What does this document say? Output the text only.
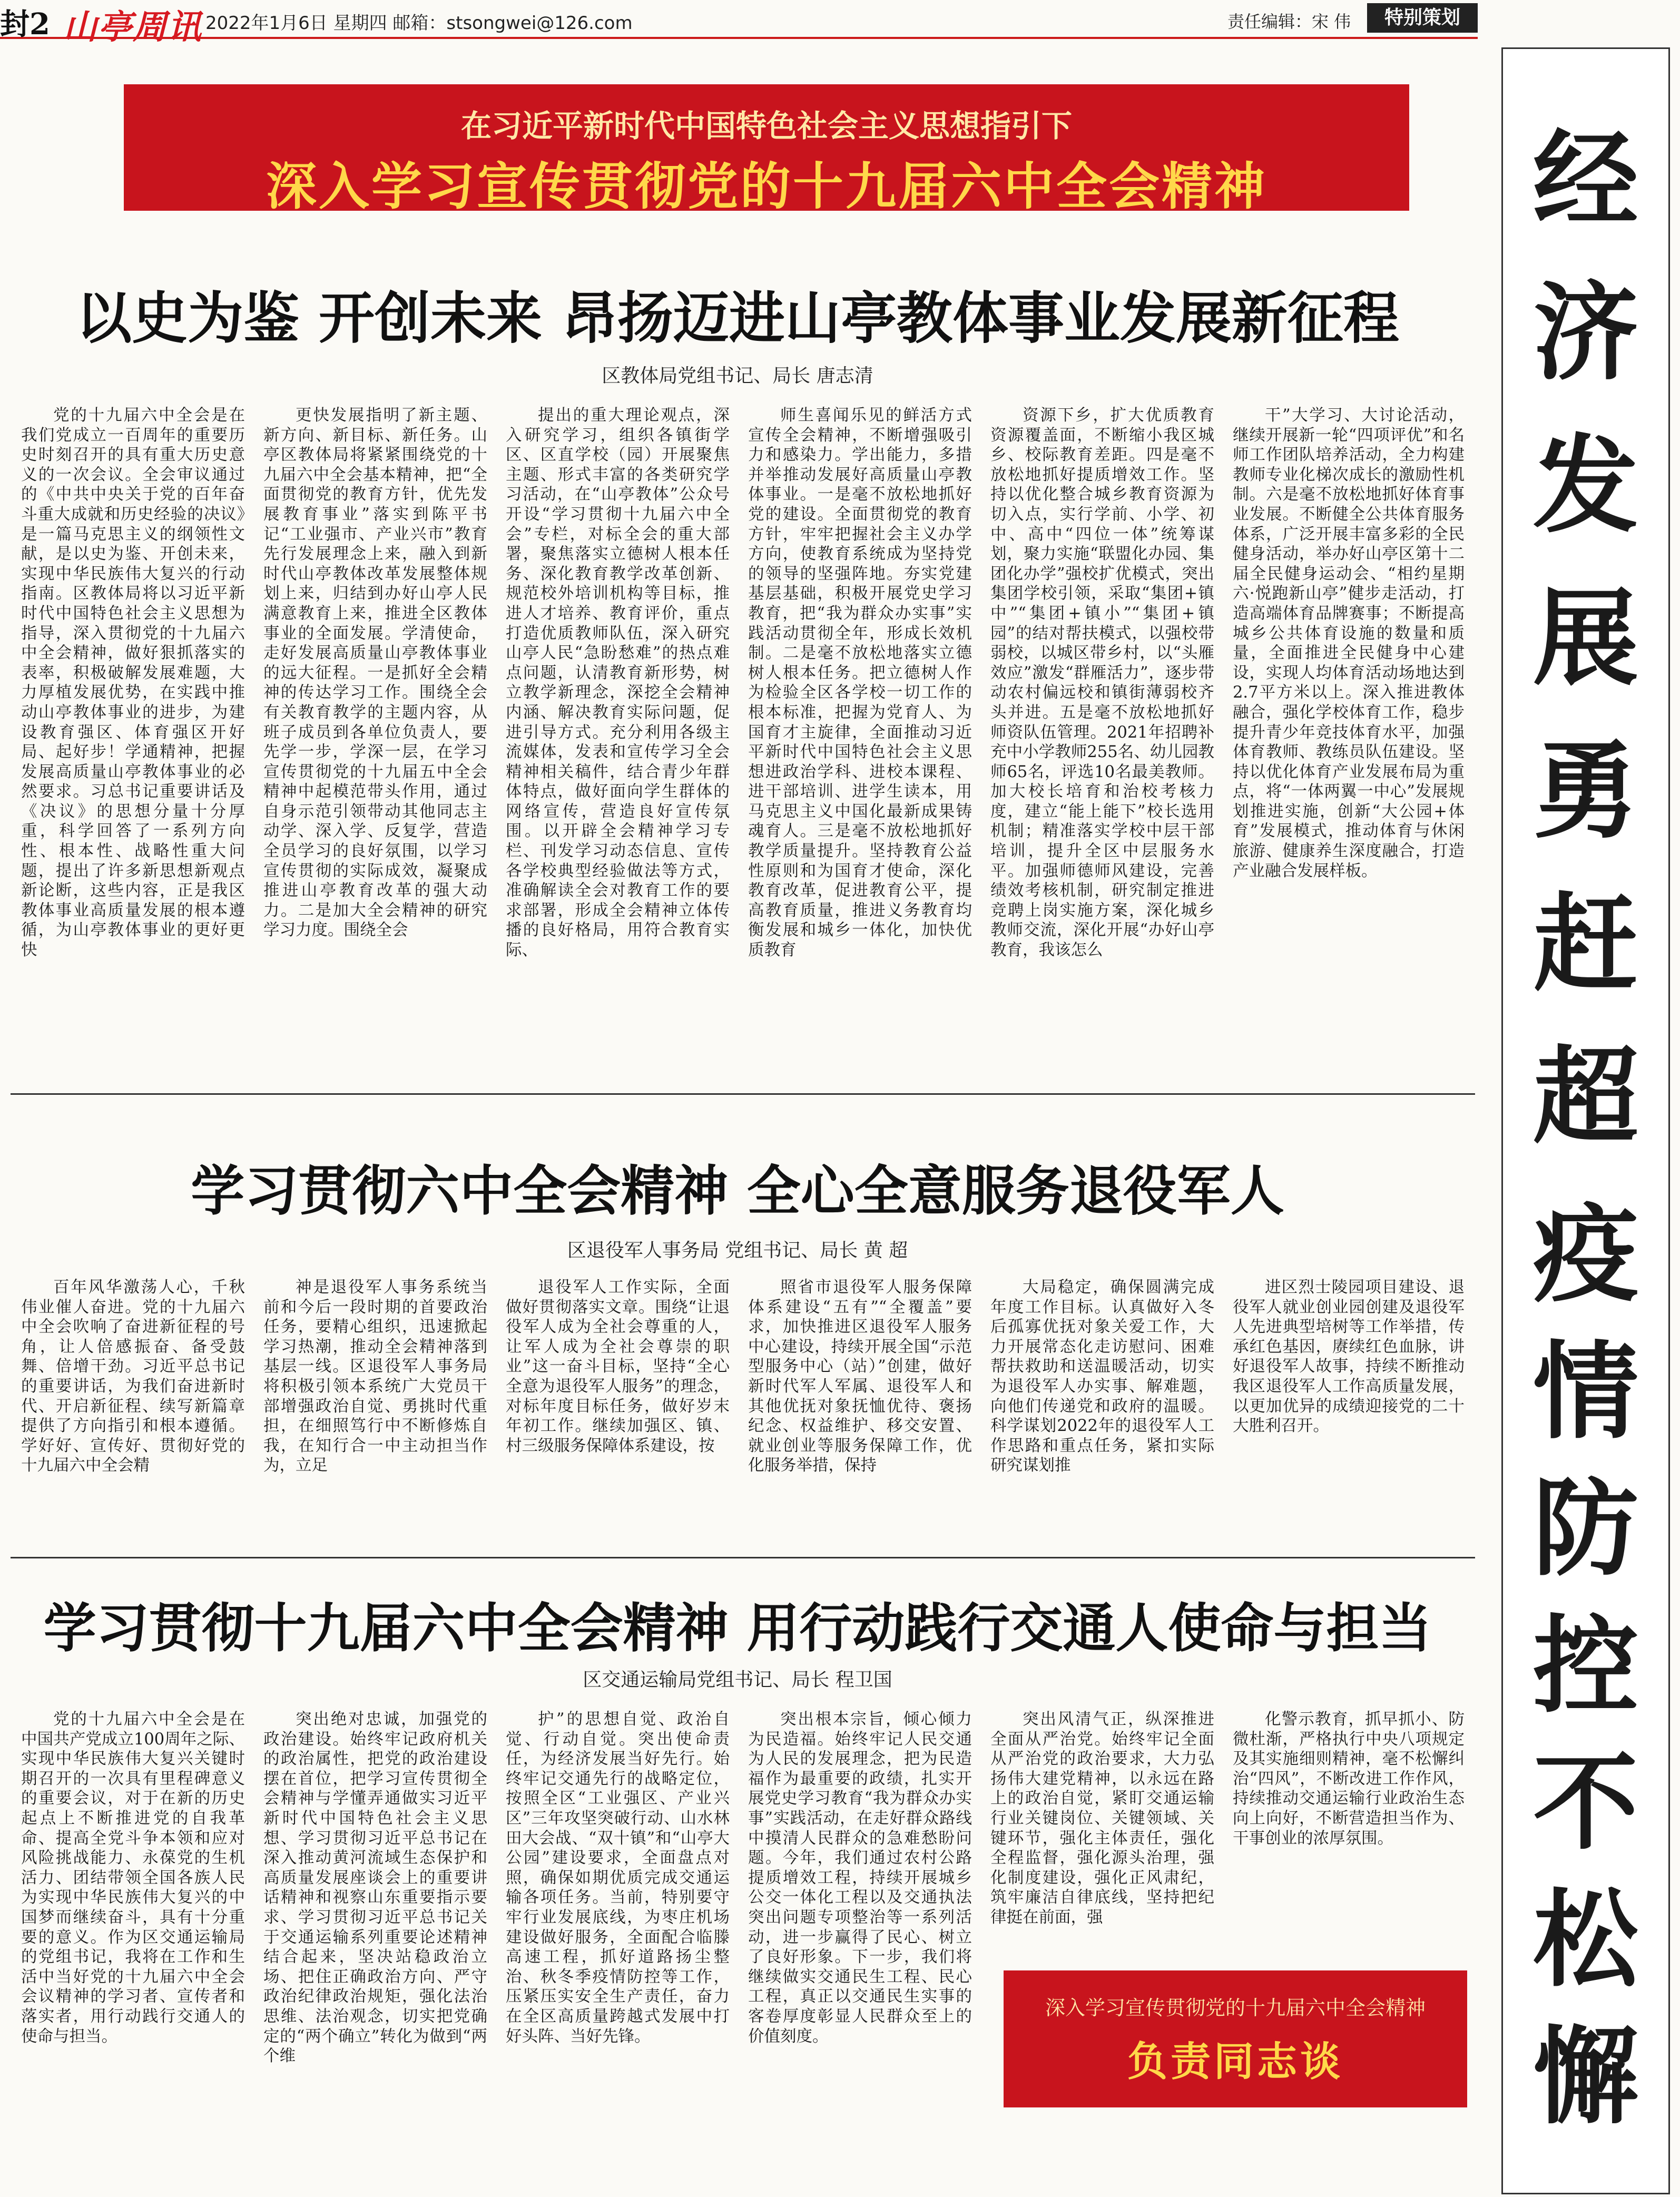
封2 山亭周讯 2022年1月6日 星期四 邮箱：stsongwei@126.com	责任编辑：宋 伟	特别策划
在习近平新时代中国特色社会主义思想指引下
深入学习宣传贯彻党的十九届六中全会精神	经
济
发
展
勇
赶
超
疫
情
防
控
不
松
懈
以史为鉴 开创未来 昂扬迈进山亭教体事业发展新征程
区教体局党组书记、局长 唐志清

党的十九届六中全会是在我们党成立一百周年的重要历史时刻召开的具有重大历史意义的一次会议。全会审议通过的《中共中央关于党的百年奋斗重大成就和历史经验的决议》是一篇马克思主义的纲领性文献，是以史为鉴、开创未来，实现中华民族伟大复兴的行动指南。区教体局将以习近平新时代中国特色社会主义思想为指导，深入贯彻党的十九届六中全会精神，做好狠抓落实的表率，积极破解发展难题，大力厚植发展优势，在实践中推动山亭教体事业的进步，为建设教育强区、体育强区开好局、起好步！学通精神，把握发展高质量山亭教体事业的必然要求。习总书记重要讲话及《决议》的思想分量十分厚重，科学回答了一系列方向性、根本性、战略性重大问题，提出了许多新思想新观点新论断，这些内容，正是我区教体事业高质量发展的根本遵循，为山亭教体事业的更好更快

更快发展指明了新主题、新方向、新目标、新任务。山亭区教体局将紧紧围绕党的十九届六中全会基本精神，把“全面贯彻党的教育方针，优先发展教育事业”落实到陈平书记“工业强市、产业兴市”教育先行发展理念上来，融入到新时代山亭教体改革发展整体规划上来，归结到办好山亭人民满意教育上来，推进全区教体事业的全面发展。学清使命，走好发展高质量山亭教体事业的远大征程。一是抓好全会精神的传达学习工作。围绕全会有关教育教学的主题内容，从班子成员到各单位负责人，要先学一步，学深一层，在学习宣传贯彻党的十九届五中全会精神中起模范带头作用，通过自身示范引领带动其他同志主动学、深入学、反复学，营造全员学习的良好氛围，以学习宣传贯彻的实际成效，凝聚成推进山亭教育改革的强大动力。二是加大全会精神的研究学习力度。围绕全会

提出的重大理论观点，深入研究学习，组织各镇街学区、区直学校（园）开展聚焦主题、形式丰富的各类研究学习活动，在“山亭教体”公众号开设“学习贯彻十九届六中全会”专栏，对标全会的重大部署，聚焦落实立德树人根本任务、深化教育教学改革创新、规范校外培训机构等目标，推进人才培养、教育评价，重点打造优质教师队伍，深入研究山亭人民“急盼愁难”的热点难点问题，认清教育新形势，树立教学新理念，深挖全会精神内涵、解决教育实际问题，促进引导方式。充分利用各级主流媒体，发表和宣传学习全会精神相关稿件，结合青少年群体特点，做好面向学生群体的网络宣传，营造良好宣传氛围。以开辟全会精神学习专栏、刊发学习动态信息、宣传各学校典型经验做法等方式，准确解读全会对教育工作的要求部署，形成全会精神立体传播的良好格局，用符合教育实际、

师生喜闻乐见的鲜活方式宣传全会精神，不断增强吸引力和感染力。学出能力，多措并举推动发展好高质量山亭教体事业。一是毫不放松地抓好党的建设。全面贯彻党的教育方针，牢牢把握社会主义办学方向，使教育系统成为坚持党的领导的坚强阵地。夯实党建基层基础，积极开展党史学习教育，把“我为群众办实事”实践活动贯彻全年，形成长效机制。二是毫不放松地落实立德树人根本任务。把立德树人作为检验全区各学校一切工作的根本标准，把握为党育人、为国育才主旋律，全面推动习近平新时代中国特色社会主义思想进政治学科、进校本课程、进干部培训、进学生读本，用马克思主义中国化最新成果铸魂育人。三是毫不放松地抓好教学质量提升。坚持教育公益性原则和为国育才使命，深化教育改革，促进教育公平，提高教育质量，推进义务教育均衡发展和城乡一体化，加快优质教育

资源下乡，扩大优质教育资源覆盖面，不断缩小我区城乡、校际教育差距。四是毫不放松地抓好提质增效工作。坚持以优化整合城乡教育资源为切入点，实行学前、小学、初中、高中“四位一体”统筹谋划，聚力实施“联盟化办园、集团化办学”强校扩优模式，突出集团学校引领，采取“集团+镇中”“集团+镇小”“集团+镇园”的结对帮扶模式，以强校带弱校，以城区带乡村，以“头雁效应”激发“群雁活力”，逐步带动农村偏远校和镇街薄弱校齐头并进。五是毫不放松地抓好师资队伍管理。2021年招聘补充中小学教师255名、幼儿园教师65名，评选10名最美教师。加大校长培育和治校考核力度，建立“能上能下”校长选用机制；精准落实学校中层干部培训，提升全区中层服务水平。加强师德师风建设，完善绩效考核机制，研究制定推进竞聘上岗实施方案，深化城乡教师交流，深化开展“办好山亭教育，我该怎么

干”大学习、大讨论活动，继续开展新一轮“四项评优”和名师工作团队培养活动，全力构建教师专业化梯次成长的激励性机制。六是毫不放松地抓好体育事业发展。不断健全公共体育服务体系，广泛开展丰富多彩的全民健身活动，举办好山亭区第十二届全民健身运动会、“相约星期六·悦跑新山亭”健步走活动，打造高端体育品牌赛事；不断提高城乡公共体育设施的数量和质量，全面推进全民健身中心建设，实现人均体育活动场地达到2.7平方米以上。深入推进教体融合，强化学校体育工作，稳步提升青少年竞技体育水平，加强体育教师、教练员队伍建设。坚持以优化体育产业发展布局为重点，将“一体两翼一中心”发展规划推进实施，创新“大公园+体育”发展模式，推动体育与休闲旅游、健康养生深度融合，打造产业融合发展样板。

学习贯彻六中全会精神 全心全意服务退役军人
区退役军人事务局 党组书记、局长 黄 超

百年风华激荡人心，千秋伟业催人奋进。党的十九届六中全会吹响了奋进新征程的号角，让人倍感振奋、备受鼓舞、倍增干劲。习近平总书记的重要讲话，为我们奋进新时代、开启新征程、续写新篇章提供了方向指引和根本遵循。学好好、宣传好、贯彻好党的十九届六中全会精

神是退役军人事务系统当前和今后一段时期的首要政治任务，要精心组织，迅速掀起学习热潮，推动全会精神落到基层一线。区退役军人事务局将积极引领本系统广大党员干部增强政治自觉、勇挑时代重担，在细照笃行中不断修炼自我，在知行合一中主动担当作为，立足

退役军人工作实际，全面做好贯彻落实文章。围绕“让退役军人成为全社会尊重的人，让军人成为全社会尊崇的职业”这一奋斗目标，坚持“全心全意为退役军人服务”的理念，对标年度目标任务，做好岁末年初工作。继续加强区、镇、村三级服务保障体系建设，按

照省市退役军人服务保障体系建设“五有”“全覆盖”要求，加快推进区退役军人服务中心建设，持续开展全国“示范型服务中心（站）”创建，做好新时代军人军属、退役军人和其他优抚对象抚恤优待、褒扬纪念、权益维护、移交安置、就业创业等服务保障工作，优化服务举措，保持

大局稳定，确保圆满完成年度工作目标。认真做好入冬后孤寡优抚对象关爱工作，大力开展常态化走访慰问、困难帮扶救助和送温暖活动，切实为退役军人办实事、解难题，向他们传递党和政府的温暖。科学谋划2022年的退役军人工作思路和重点任务，紧扣实际研究谋划推

进区烈士陵园项目建设、退役军人就业创业园创建及退役军人先进典型培树等工作举措，传承红色基因，赓续红色血脉，讲好退役军人故事，持续不断推动我区退役军人工作高质量发展，以更加优异的成绩迎接党的二十大胜利召开。

学习贯彻十九届六中全会精神 用行动践行交通人使命与担当
区交通运输局党组书记、局长 程卫国

党的十九届六中全会是在中国共产党成立100周年之际、实现中华民族伟大复兴关键时期召开的一次具有里程碑意义的重要会议，对于在新的历史起点上不断推进党的自我革命、提高全党斗争本领和应对风险挑战能力、永葆党的生机活力、团结带领全国各族人民为实现中华民族伟大复兴的中国梦而继续奋斗，具有十分重要的意义。作为区交通运输局的党组书记，我将在工作和生活中当好党的十九届六中全会会议精神的学习者、宣传者和落实者，用行动践行交通人的使命与担当。

突出绝对忠诚，加强党的政治建设。始终牢记政府机关的政治属性，把党的政治建设摆在首位，把学习宣传贯彻全会精神与学懂弄通做实习近平新时代中国特色社会主义思想、学习贯彻习近平总书记在深入推动黄河流域生态保护和高质量发展座谈会上的重要讲话精神和视察山东重要指示要求、学习贯彻习近平总书记关于交通运输系列重要论述精神结合起来，坚决站稳政治立场、把住正确政治方向、严守政治纪律政治规矩，强化法治思维、法治观念，切实把党确定的“两个确立”转化为做到“两个维

护”的思想自觉、政治自觉、行动自觉。突出使命责任，为经济发展当好先行。始终牢记交通先行的战略定位，按照全区“工业强区、产业兴区”三年攻坚突破行动、山水林田大会战、“双十镇”和“山亭大公园”建设要求，全面盘点对照，确保如期优质完成交通运输各项任务。当前，特别要守牢行业发展底线，为枣庄机场建设做好服务，全面配合临滕高速工程，抓好道路扬尘整治、秋冬季疫情防控等工作，压紧压实安全生产责任，奋力在全区高质量跨越式发展中打好头阵、当好先锋。

突出根本宗旨，倾心倾力为民造福。始终牢记人民交通为人民的发展理念，把为民造福作为最重要的政绩，扎实开展党史学习教育“我为群众办实事”实践活动，在走好群众路线中摸清人民群众的急难愁盼问题。今年，我们通过农村公路提质增效工程，持续开展城乡公交一体化工程以及交通执法突出问题专项整治等一系列活动，进一步赢得了民心、树立了良好形象。下一步，我们将继续做实交通民生工程、民心工程，真正以交通民生实事的客卷厚度彰显人民群众至上的价值刻度。

突出风清气正，纵深推进全面从严治党。始终牢记全面从严治党的政治要求，大力弘扬伟大建党精神，以永远在路上的政治自觉，紧盯交通运输行业关键岗位、关键领域、关键环节，强化主体责任，强化全程监督，强化源头治理，强化制度建设，强化正风肃纪，筑牢廉洁自律底线，坚持把纪律挺在前面，强

化警示教育，抓早抓小、防微杜渐，严格执行中央八项规定及其实施细则精神，毫不松懈纠治“四风”，不断改进工作作风，持续推动交通运输行业政治生态向上向好，不断营造担当作为、干事创业的浓厚氛围。

深入学习宣传贯彻党的十九届六中全会精神
负责同志谈
